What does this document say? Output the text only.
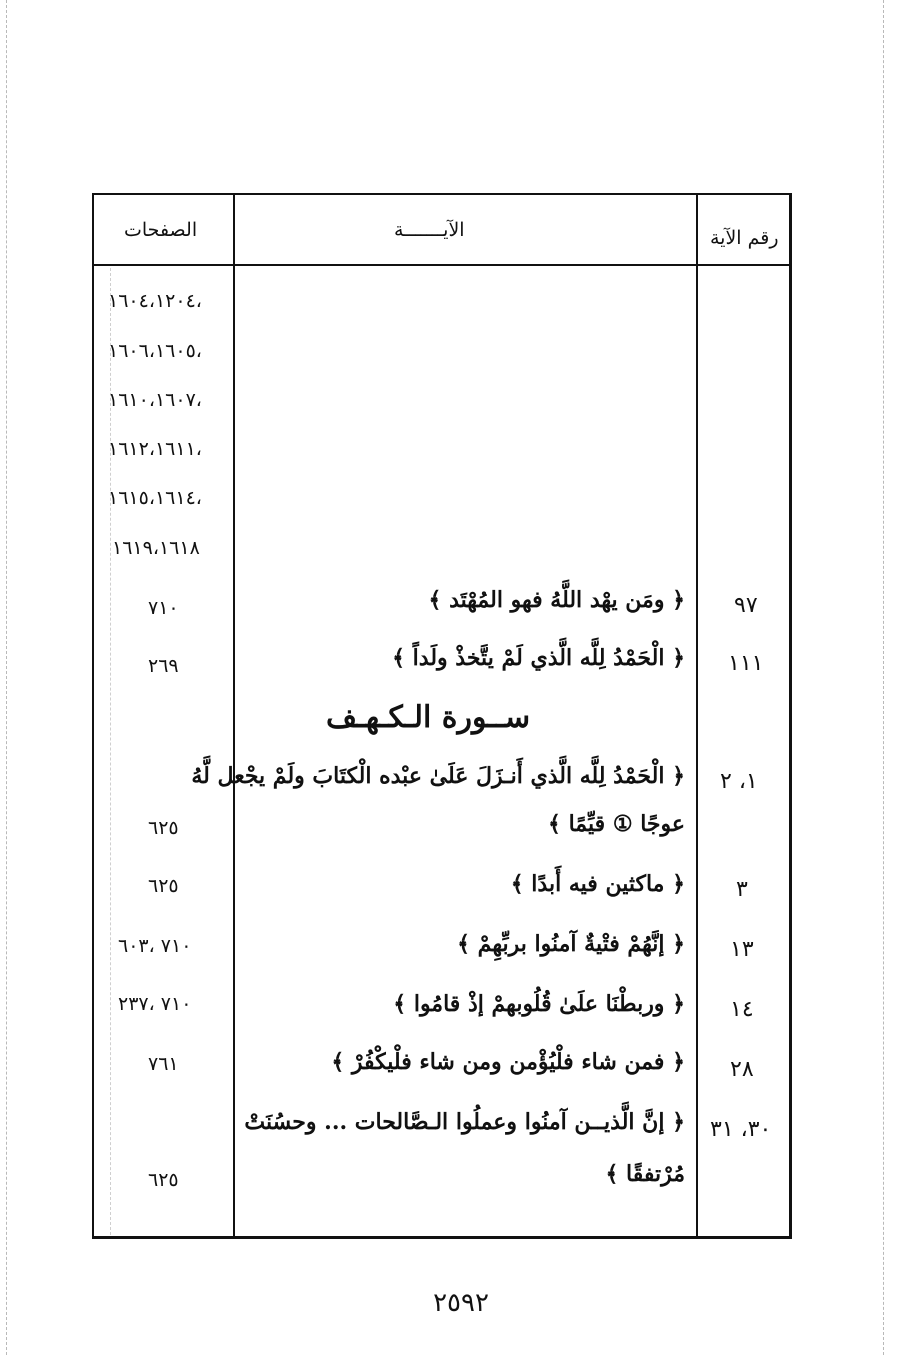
الصفحات	الآيـــــــة	رقم الآية
١٦٠٤،١٢٠٤،
١٦٠٦،١٦٠٥،
١٦١٠،١٦٠٧،
١٦١٢،١٦١١،
١٦١٥،١٦١٤،
١٦١٩،١٦١٨
٧١٠	﴿ ومَن يهْد اللَّهُ فهو المُهْتَد ﴾ ٩٧
٢٦٩	﴿ الْحَمْدُ لِلَّه الَّذي لَمْ يتَّخذْ ولَداً ﴾ ١١١
ســورة الـكـهـف
﴿ الْحَمْدُ لِلَّه الَّذي أَنـزَلَ عَلَىٰ عبْده الْكتَابَ ولَمْ يجْعل لَّهُ ١، ٢
٦٢٥	عوجًا ① قيِّمًا ﴾
٦٢٥	﴿ ماكثين فيه أَبدًا ﴾ ٣
٧١٠ ،٦٠٣	﴿ إنَّهُمْ فتْيةٌ آمنُوا بربِّهِمْ ﴾ ١٣
٧١٠ ،٢٣٧	﴿ وربطْنَا علَىٰ قُلُوبهمْ إذْ قامُوا ﴾ ١٤
٧٦١	﴿ فمن شاء فلْيُؤْمن ومن شاء فلْيكْفُرْ ﴾ ٢٨
﴿ إنَّ الَّذيــن آمنُوا وعملُوا الـصَّالحات ... وحسُنَتْ ٣٠، ٣١
٦٢٥	مُرْتفقًا ﴾
٢٥٩٢
